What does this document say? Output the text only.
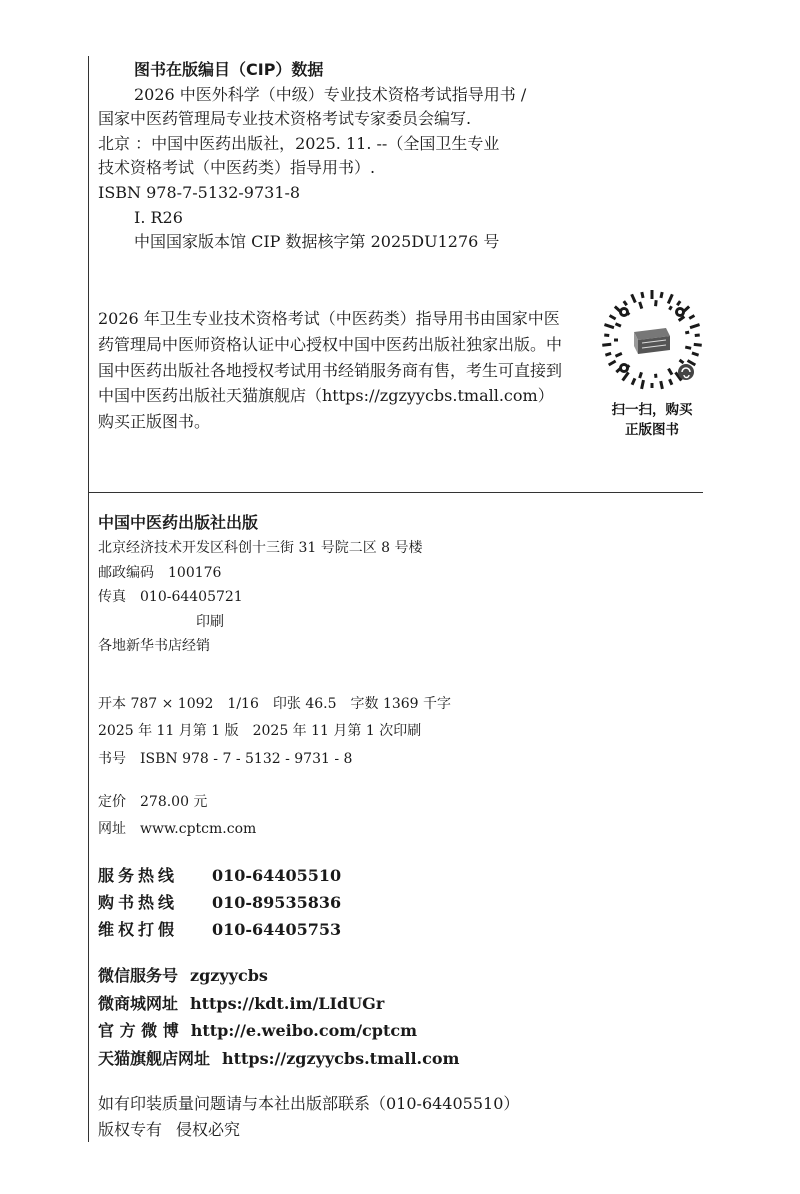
图书在版编目（CIP）数据
2026 中医外科学（中级）专业技术资格考试指导用书 /
国家中医药管理局专业技术资格考试专家委员会编写.
北京 ：中国中医药出版社，2025. 11. --（全国卫生专业
技术资格考试（中医药类）指导用书）.
ISBN 978-7-5132-9731-8
Ⅰ. R26
中国国家版本馆 CIP 数据核字第 2025DU1276 号

2026 年卫生专业技术资格考试（中医药类）指导用书由国家中医药管理局中医师资格认证中心授权中国中医药出版社独家出版。中国中医药出版社各地授权考试用书经销服务商有售，考生可直接到中国中医药出版社天猫旗舰店（https://zgzyycbs.tmall.com）购买正版图书。

扫一扫，购买
正版图书
中国中医药出版社出版
北京经济技术开发区科创十三街 31 号院二区 8 号楼
邮政编码　100176
传真　010-64405721
印刷
各地新华书店经销
开本 787 × 1092　1/16　印张 46.5　字数 1369 千字
2025 年 11 月第 1 版　2025 年 11 月第 1 次印刷
书号　ISBN 978 - 7 - 5132 - 9731 - 8
定价　278.00 元
网址　www.cptcm.com
服务热线 010-64405510
购书热线 010-89535836
维权打假 010-64405753
微信服务号 zgzyycbs
微商城网址 https://kdt.im/LIdUGr
官 方 微 博 http://e.weibo.com/cptcm
天猫旗舰店网址 https://zgzyycbs.tmall.com
如有印装质量问题请与本社出版部联系（010-64405510）
版权专有 侵权必究
